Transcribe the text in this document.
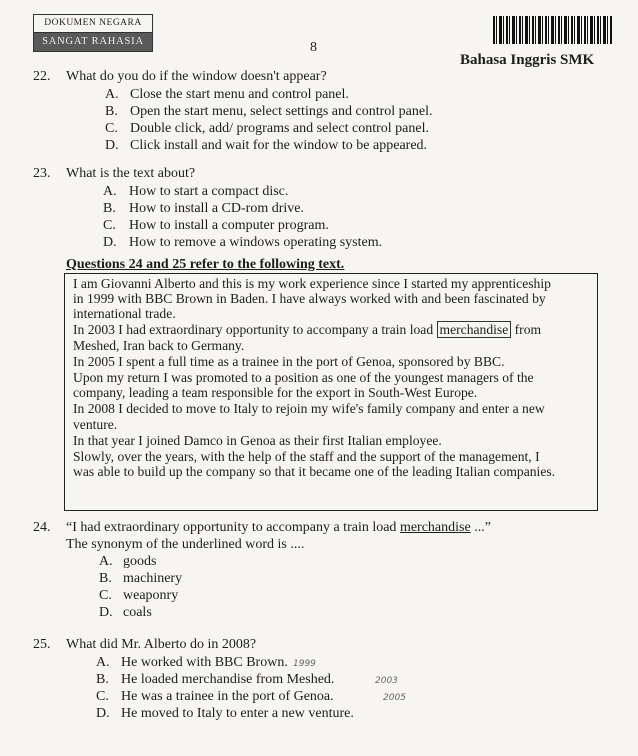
DOKUMEN NEGARA
SANGAT RAHASIA	8
Bahasa Inggris SMK
22. What do you do if the window doesn't appear?
A. Close the start menu and control panel.
B. Open the start menu, select settings and control panel.
C. Double click, add/ programs and select control panel.
D. Click install and wait for the window to be appeared.
23. What is the text about?
A. How to start a compact disc.
B. How to install a CD-rom drive.
C. How to install a computer program.
D. How to remove a windows operating system.
Questions 24 and 25 refer to the following text.
I am Giovanni Alberto and this is my work experience since I started my apprenticeship
in 1999 with BBC Brown in Baden. I have always worked with and been fascinated by
international trade.
In 2003 I had extraordinary opportunity to accompany a train load merchandise from
Meshed, Iran back to Germany.
In 2005 I spent a full time as a trainee in the port of Genoa, sponsored by BBC.
Upon my return I was promoted to a position as one of the youngest managers of the
company, leading a team responsible for the export in South-West Europe.
In 2008 I decided to move to Italy to rejoin my wife's family company and enter a new
venture.
In that year I joined Damco in Genoa as their first Italian employee.
Slowly, over the years, with the help of the staff and the support of the management, I
was able to build up the company so that it became one of the leading Italian companies.
24. “I had extraordinary opportunity to accompany a train load merchandise ...”
The synonym of the underlined word is ....
A. goods
B. machinery
C. weaponry
D. coals
25. What did Mr. Alberto do in 2008?
A. He worked with BBC Brown. 1999
B. He loaded merchandise from Meshed.	2003
C. He was a trainee in the port of Genoa.	2005
D. He moved to Italy to enter a new venture.
